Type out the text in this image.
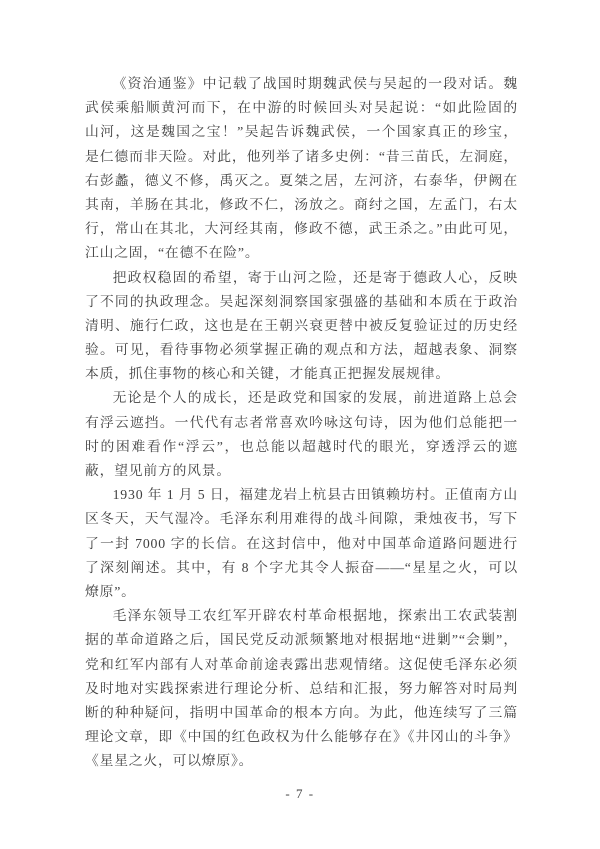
《资治通鉴》中记载了战国时期魏武侯与吴起的一段对话。魏
武侯乘船顺黄河而下，在中游的时候回头对吴起说：“如此险固的
山河，这是魏国之宝！”吴起告诉魏武侯，一个国家真正的珍宝，
是仁德而非天险。对此，他列举了诸多史例：“昔三苗氏，左洞庭，
右彭蠡，德义不修，禹灭之。夏桀之居，左河济，右泰华，伊阙在
其南，羊肠在其北，修政不仁，汤放之。商纣之国，左孟门，右太
行，常山在其北，大河经其南，修政不德，武王杀之。”由此可见，
江山之固，“在德不在险”。
把政权稳固的希望，寄于山河之险，还是寄于德政人心，反映
了不同的执政理念。吴起深刻洞察国家强盛的基础和本质在于政治
清明、施行仁政，这也是在王朝兴衰更替中被反复验证过的历史经
验。可见，看待事物必须掌握正确的观点和方法，超越表象、洞察
本质，抓住事物的核心和关键，才能真正把握发展规律。
无论是个人的成长，还是政党和国家的发展，前进道路上总会
有浮云遮挡。一代代有志者常喜欢吟咏这句诗，因为他们总能把一
时的困难看作“浮云”，也总能以超越时代的眼光，穿透浮云的遮
蔽，望见前方的风景。
1930 年 1 月 5 日，福建龙岩上杭县古田镇赖坊村。正值南方山
区冬天，天气湿冷。毛泽东利用难得的战斗间隙，秉烛夜书，写下
了一封 7000 字的长信。在这封信中，他对中国革命道路问题进行
了深刻阐述。其中，有 8 个字尤其令人振奋——“星星之火，可以
燎原”。
毛泽东领导工农红军开辟农村革命根据地，探索出工农武装割
据的革命道路之后，国民党反动派频繁地对根据地“进剿”“会剿”，
党和红军内部有人对革命前途表露出悲观情绪。这促使毛泽东必须
及时地对实践探索进行理论分析、总结和汇报，努力解答对时局判
断的种种疑问，指明中国革命的根本方向。为此，他连续写了三篇
理论文章，即《中国的红色政权为什么能够存在》《井冈山的斗争》
《星星之火，可以燎原》。
- 7 -
